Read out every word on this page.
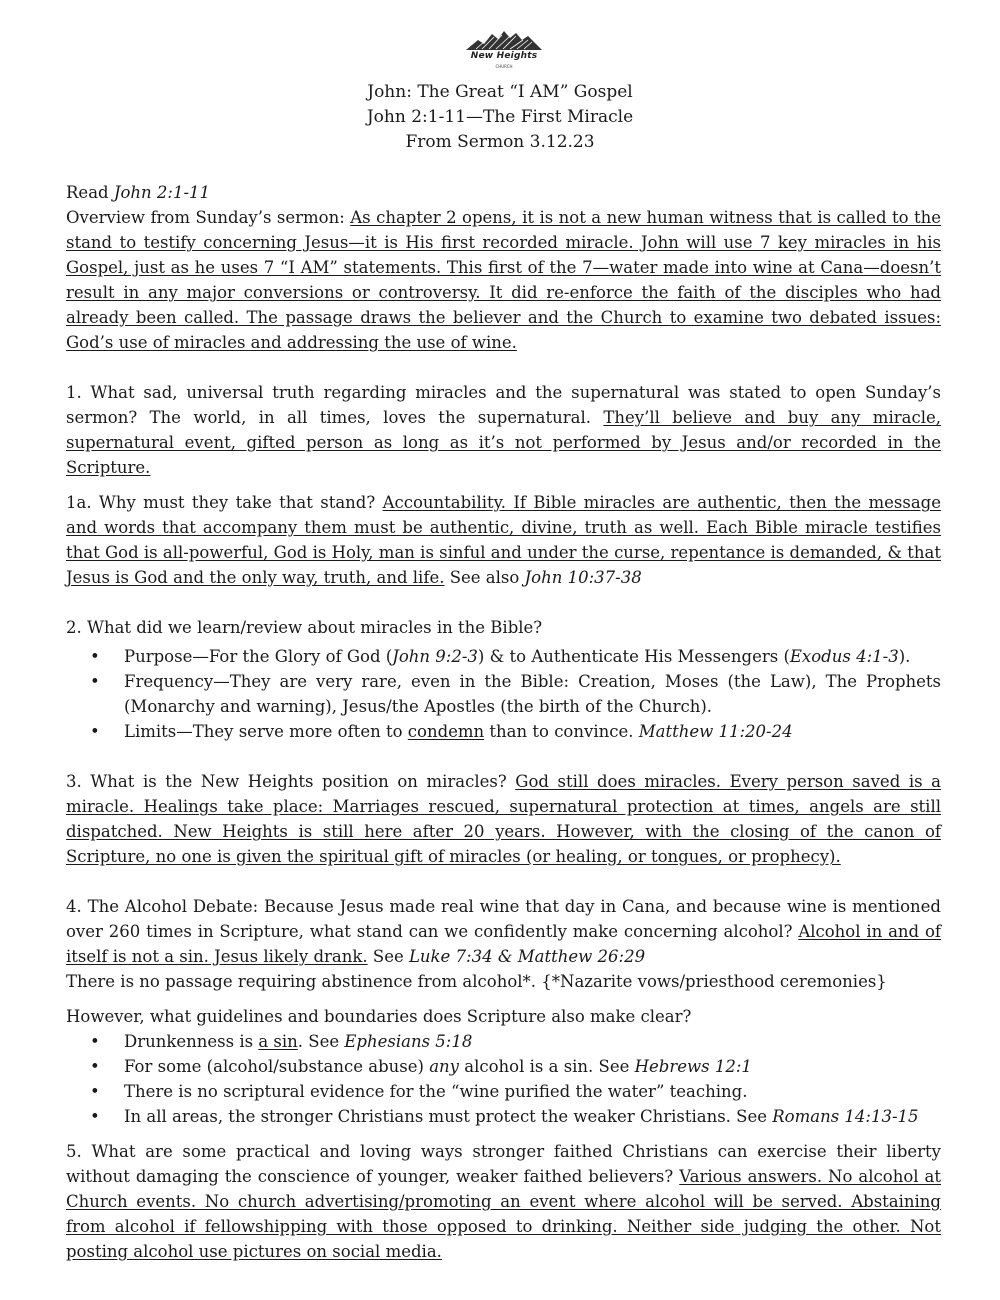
New Heights
CHURCH
John: The Great “I AM” Gospel
John 2:1-11—The First Miracle
From Sermon 3.12.23

Read John 2:1-11

Overview from Sunday’s sermon: As chapter 2 opens, it is not a new human witness that is called to the stand to testify concerning Jesus—it is His first recorded miracle. John will use 7 key miracles in his Gospel, just as he uses 7 “I AM” statements. This first of the 7—water made into wine at Cana—doesn’t result in any major conversions or controversy. It did re-enforce the faith of the disciples who had already been called. The passage draws the believer and the Church to examine two debated issues: God’s use of miracles and addressing the use of wine.

1. What sad, universal truth regarding miracles and the supernatural was stated to open Sunday’s sermon? The world, in all times, loves the supernatural. They’ll believe and buy any miracle, supernatural event, gifted person as long as it’s not performed by Jesus and/or recorded in the Scripture.

1a. Why must they take that stand? Accountability. If Bible miracles are authentic, then the message and words that accompany them must be authentic, divine, truth as well. Each Bible miracle testifies that God is all-powerful, God is Holy, man is sinful and under the curse, repentance is demanded, & that Jesus is God and the only way, truth, and life. See also John 10:37-38

2. What did we learn/review about miracles in the Bible?

• Purpose—For the Glory of God (John 9:2-3) & to Authenticate His Messengers (Exodus 4:1-3).
• Frequency—They are very rare, even in the Bible: Creation, Moses (the Law), The Prophets (Monarchy and warning), Jesus/the Apostles (the birth of the Church).
• Limits—They serve more often to condemn than to convince. Matthew 11:20-24

3. What is the New Heights position on miracles? God still does miracles. Every person saved is a miracle. Healings take place: Marriages rescued, supernatural protection at times, angels are still dispatched. New Heights is still here after 20 years. However, with the closing of the canon of Scripture, no one is given the spiritual gift of miracles (or healing, or tongues, or prophecy).

4. The Alcohol Debate: Because Jesus made real wine that day in Cana, and because wine is mentioned over 260 times in Scripture, what stand can we confidently make concerning alcohol? Alcohol in and of itself is not a sin. Jesus likely drank. See Luke 7:34 & Matthew 26:29

There is no passage requiring abstinence from alcohol*. {*Nazarite vows/priesthood ceremonies}

However, what guidelines and boundaries does Scripture also make clear?

• Drunkenness is a sin. See Ephesians 5:18
• For some (alcohol/substance abuse) any alcohol is a sin. See Hebrews 12:1
• There is no scriptural evidence for the “wine purified the water” teaching.
• In all areas, the stronger Christians must protect the weaker Christians. See Romans 14:13-15

5. What are some practical and loving ways stronger faithed Christians can exercise their liberty without damaging the conscience of younger, weaker faithed believers? Various answers. No alcohol at Church events. No church advertising/promoting an event where alcohol will be served. Abstaining from alcohol if fellowshipping with those opposed to drinking. Neither side judging the other. Not posting alcohol use pictures on social media.
